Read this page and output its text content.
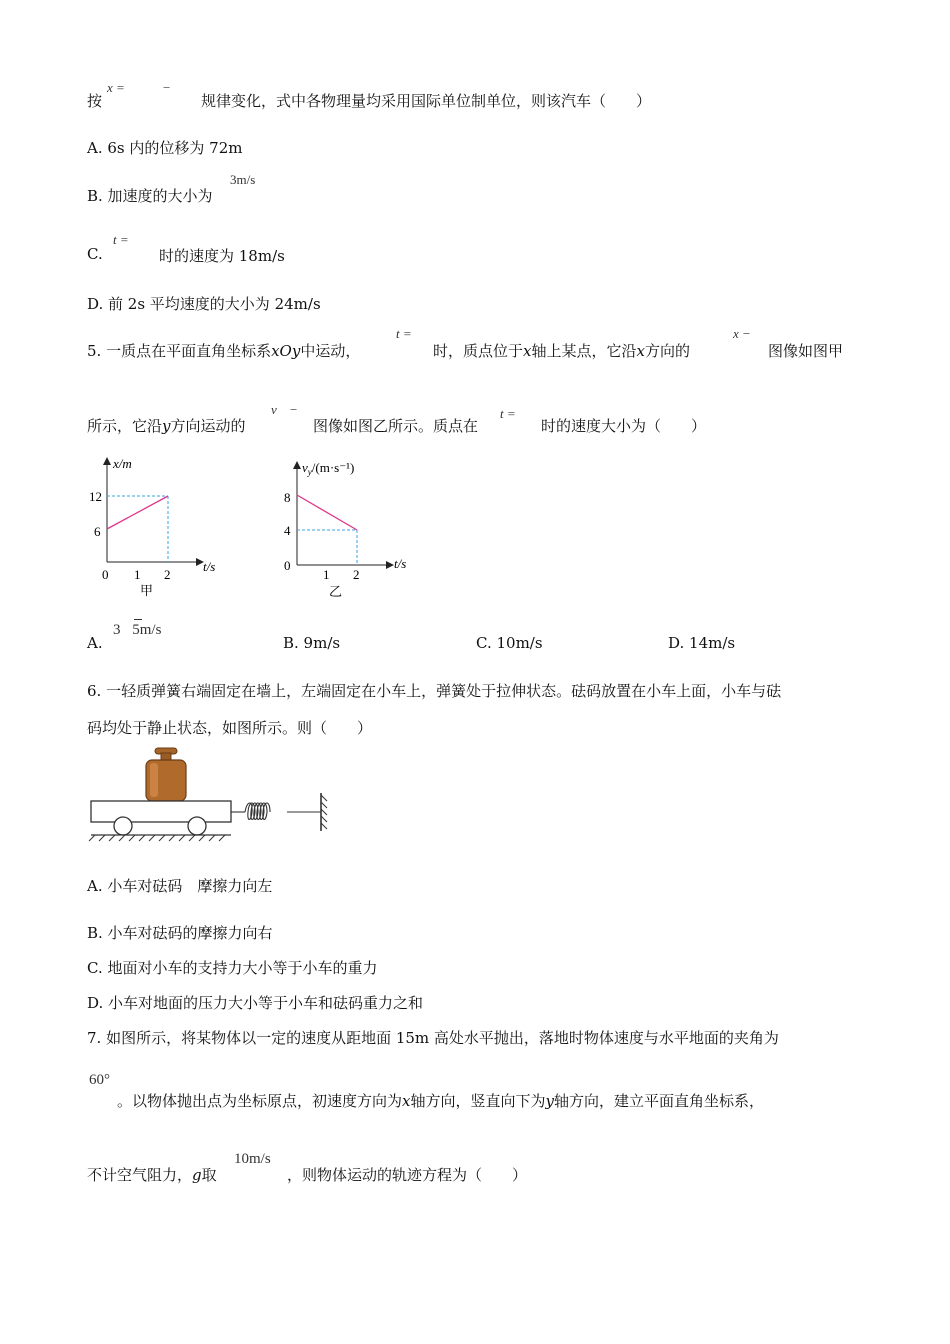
按
x =	−
规律变化，式中各物理量均采用国际单位制单位，则该汽车（　　）
A. 6s 内的位移为 72m
B. 加速度的大小为
3m/s
C.
t =
时的速度为 18m/s
D. 前 2s 平均速度的大小为 24m/s
5. 一质点在平面直角坐标系xOy中运动，
t =
时，质点位于x轴上某点，它沿x方向的
x −
图像如图甲
所示，它沿y方向运动的
v −
图像如图乙所示。质点在
t =
时的速度大小为（　　）
x/m
12
6
0 1 2
t/s
甲
$v_y/(m\cdot s^{-1})$
8
4
0
1 2
t/s
乙
A.
3 5m/s
B. 9m/s	C. 10m/s	D. 14m/s
6. 一轻质弹簧右端固定在墙上，左端固定在小车上，弹簧处于拉伸状态。砝码放置在小车上面，小车与砝
码均处于静止状态，如图所示。则（　　）
A. 小车对砝码　摩擦力向左
B. 小车对砝码的摩擦力向右
C. 地面对小车的支持力大小等于小车的重力
D. 小车对地面的压力大小等于小车和砝码重力之和
7. 如图所示，将某物体以一定的速度从距地面 15m 高处水平抛出，落地时物体速度与水平地面的夹角为
60°
。以物体抛出点为坐标原点，初速度方向为x轴方向，竖直向下为y轴方向，建立平面直角坐标系，
不计空气阻力，g取
10m/s
，则物体运动的轨迹方程为（　　）
